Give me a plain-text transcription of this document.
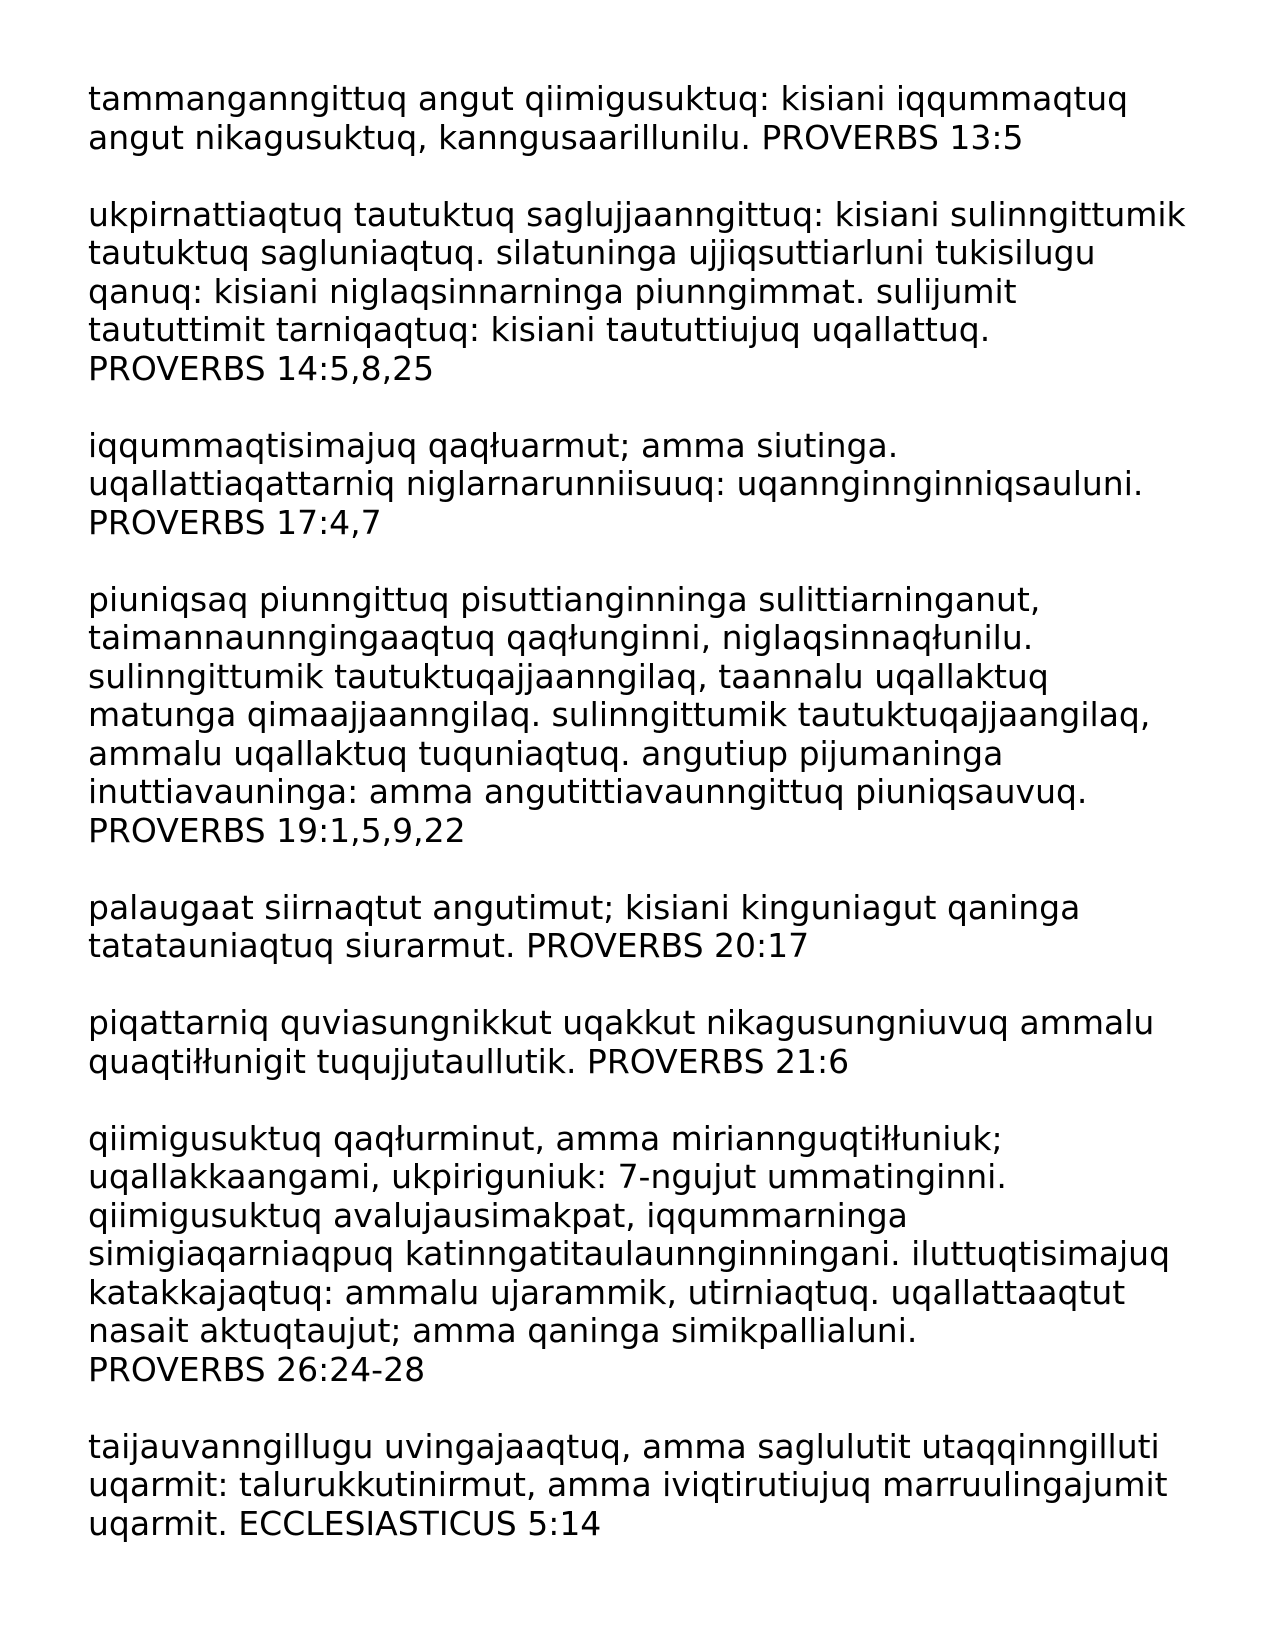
tammanganngittuq angut qiimigusuktuq: kisiani iqqummaqtuq
angut nikagusuktuq, kanngusaarillunilu. PROVERBS 13:5
ukpirnattiaqtuq tautuktuq saglujjaanngittuq: kisiani sulinngittumik
tautuktuq sagluniaqtuq. silatuninga ujjiqsuttiarluni tukisilugu
qanuq: kisiani niglaqsinnarninga piunngimmat. sulijumit
taututtimit tarniqaqtuq: kisiani taututtiujuq uqallattuq.
PROVERBS 14:5,8,25
iqqummaqtisimajuq qaqłuarmut; amma siutinga.
uqallattiaqattarniq niglarnarunniisuuq: uqannginnginniqsauluni.
PROVERBS 17:4,7
piuniqsaq piunngittuq pisuttianginninga sulittiarninganut,
taimannaunngingaaqtuq qaqłunginni, niglaqsinnaqłunilu.
sulinngittumik tautuktuqajjaanngilaq, taannalu uqallaktuq
matunga qimaajjaanngilaq. sulinngittumik tautuktuqajjaangilaq,
ammalu uqallaktuq tuquniaqtuq. angutiup pijumaninga
inuttiavauninga: amma angutittiavaunngittuq piuniqsauvuq.
PROVERBS 19:1,5,9,22
palaugaat siirnaqtut angutimut; kisiani kinguniagut qaninga
tatatauniaqtuq siurarmut. PROVERBS 20:17
piqattarniq quviasungnikkut uqakkut nikagusungniuvuq ammalu
quaqtiłłunigit tuqujjutaullutik. PROVERBS 21:6
qiimigusuktuq qaqłurminut, amma miriannguqtiłłuniuk;
uqallakkaangami, ukpiriguniuk: 7-ngujut ummatinginni.
qiimigusuktuq avalujausimakpat, iqqummarninga
simigiaqarniaqpuq katinngatitaulaunnginningani. iluttuqtisimajuq
katakkajaqtuq: ammalu ujarammik, utirniaqtuq. uqallattaaqtut
nasait aktuqtaujut; amma qaninga simikpallialuni.
PROVERBS 26:24-28
taijauvanngillugu uvingajaaqtuq, amma saglulutit utaqqinngilluti
uqarmit: talurukkutinirmut, amma iviqtirutiujuq marruulingajumit
uqarmit. ECCLESIASTICUS 5:14
